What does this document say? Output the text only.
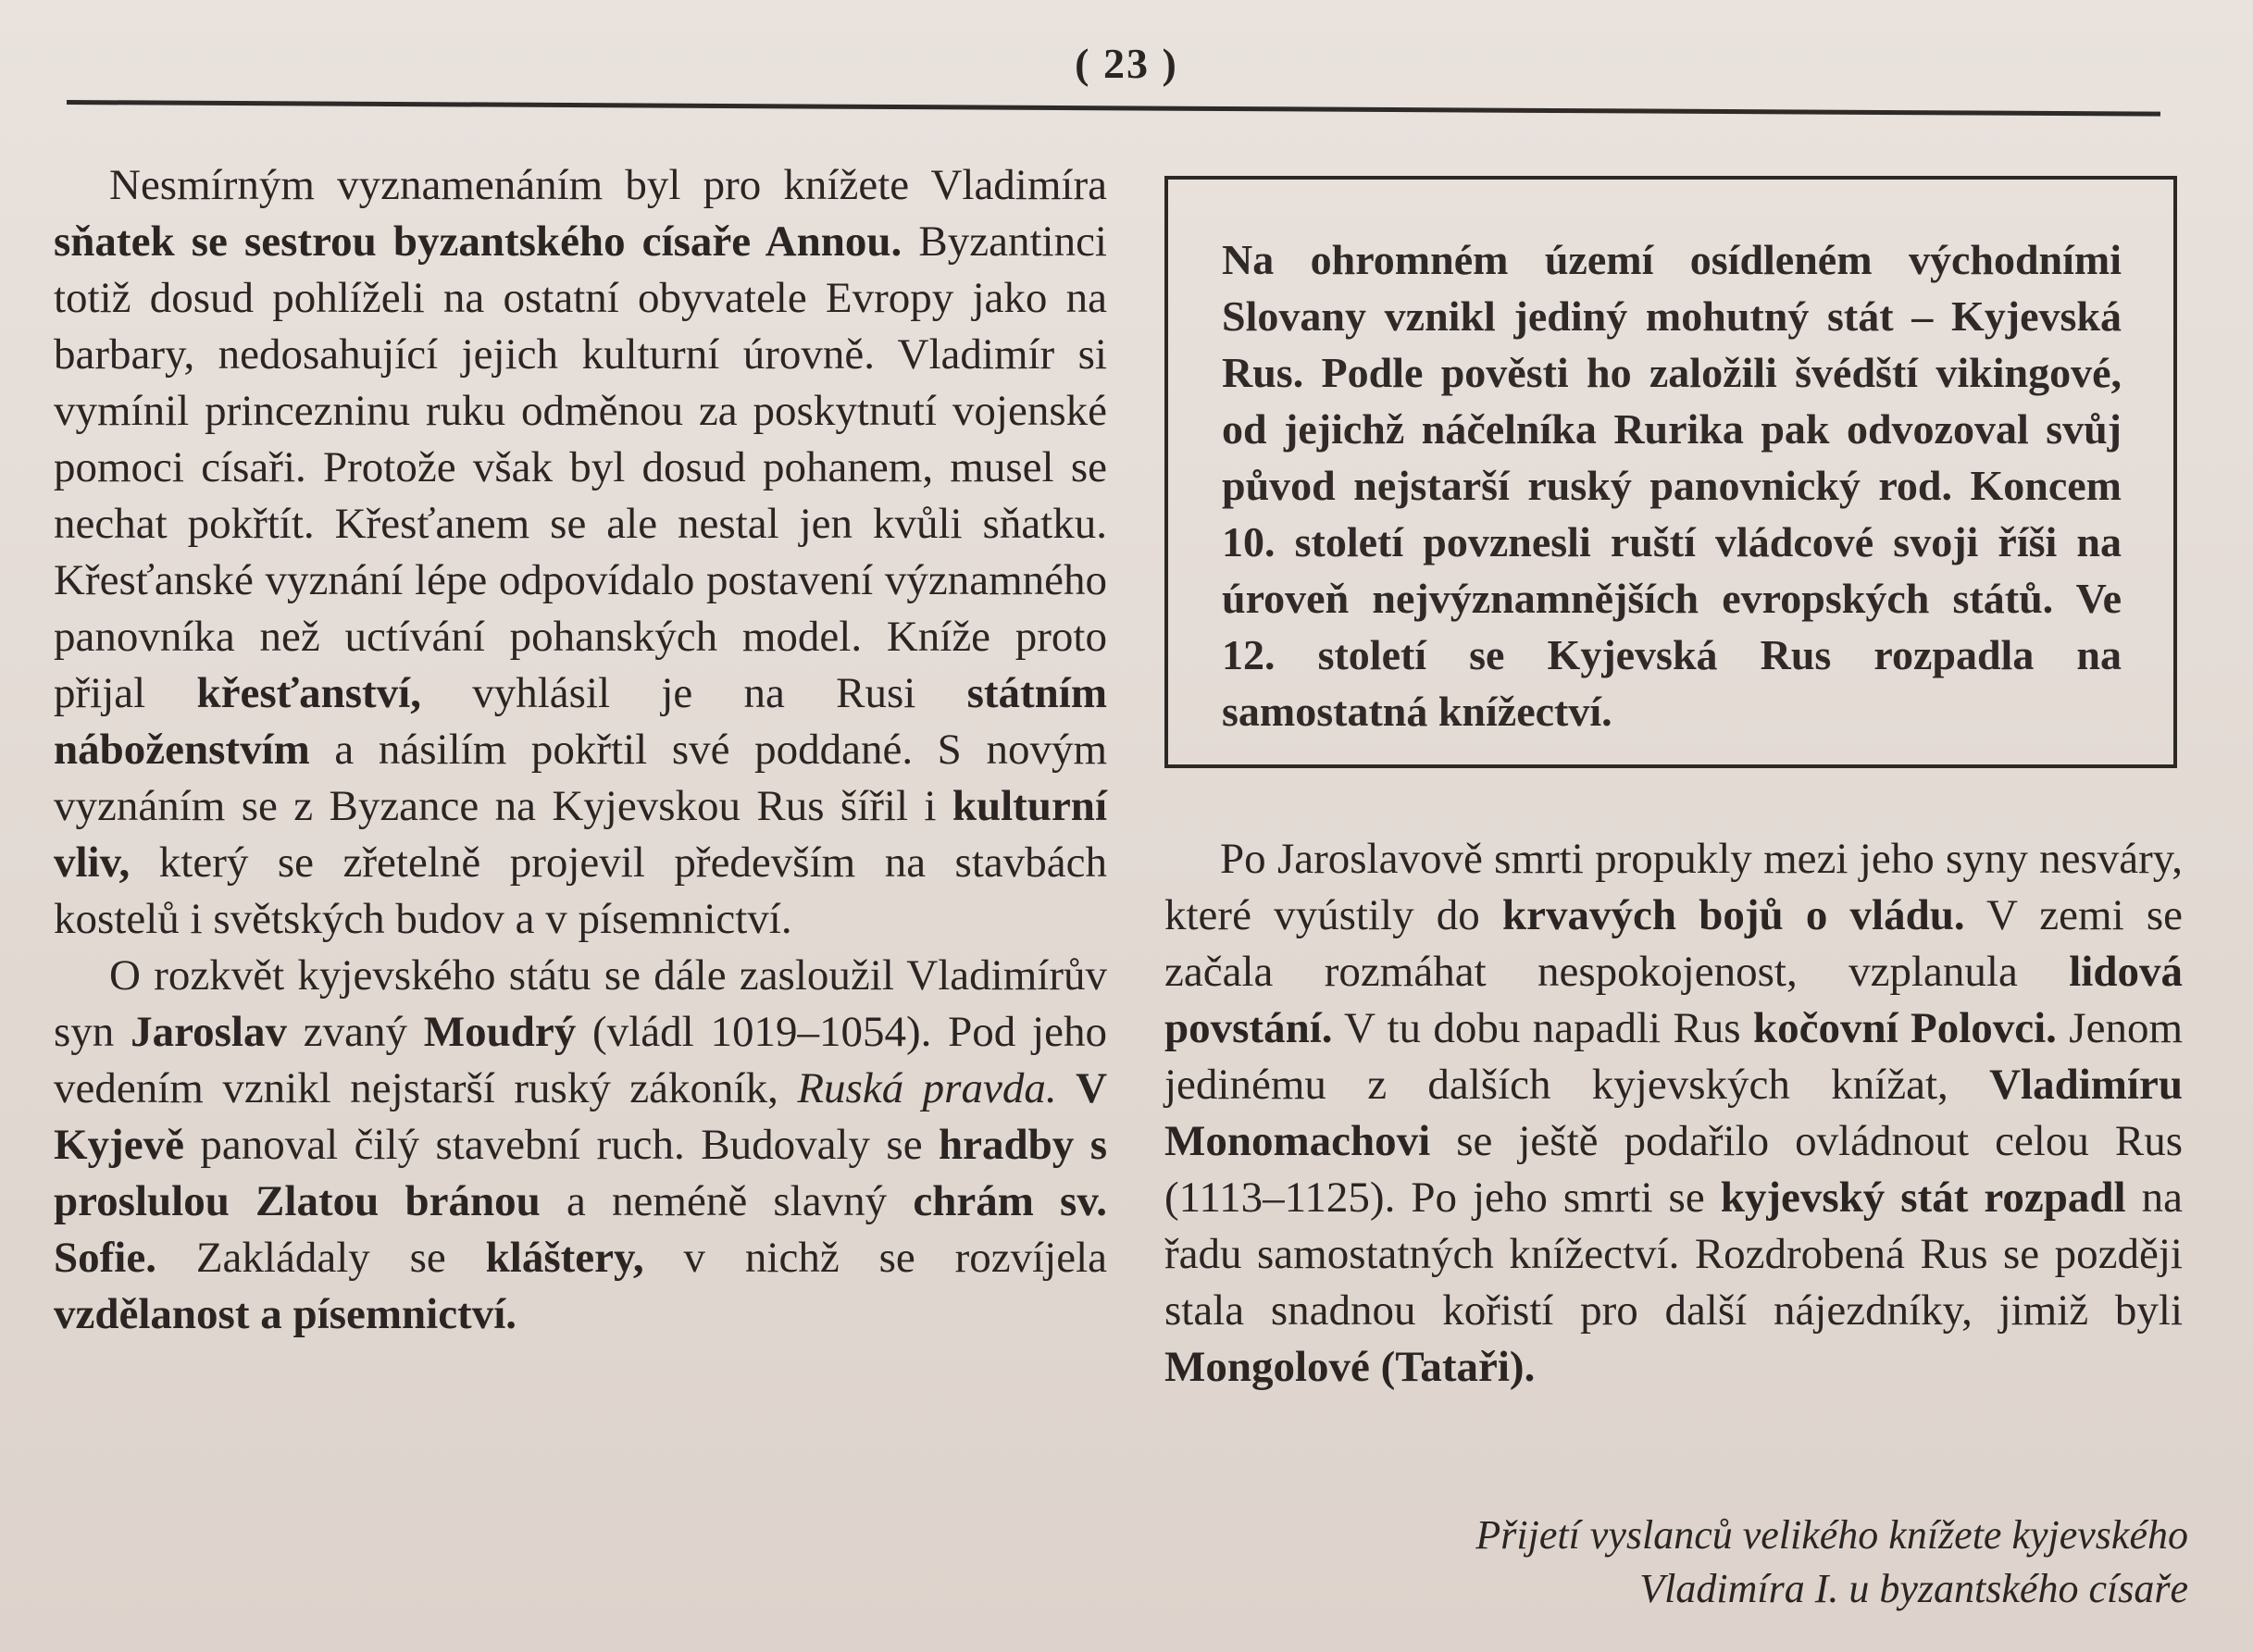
( 23 )

Nesmírným vyznamenáním byl pro knížete Vladimíra sňatek se sestrou byzantského císaře Annou. Byzantinci totiž dosud pohlíželi na ostatní obyvatele Evropy jako na barbary, nedosahující jejich kulturní úrovně. Vladimír si vymínil princezninu ruku odměnou za poskytnutí vojenské pomoci císaři. Protože však byl dosud pohanem, musel se nechat pokřtít. Křesťanem se ale nestal jen kvůli sňatku. Křesťanské vyznání lépe odpovídalo postavení významného panovníka než uctívání pohanských model. Kníže proto přijal křesťanství, vyhlásil je na Rusi státním náboženstvím a násilím pokřtil své poddané. S novým vyznáním se z Byzance na Kyjevskou Rus šířil i kulturní vliv, který se zřetelně projevil především na stavbách kostelů i světských budov a v písemnictví.

O rozkvět kyjevského státu se dále zasloužil Vladimírův syn Jaroslav zvaný Moudrý (vládl 1019–1054). Pod jeho vedením vznikl nejstarší ruský zákoník, Ruská pravda. V Kyjevě panoval čilý stavební ruch. Budovaly se hradby s proslulou Zlatou bránou a neméně slavný chrám sv. Sofie. Zakládaly se kláštery, v nichž se rozvíjela vzdělanost a písemnictví.

Na ohromném území osídleném východními Slovany vznikl jediný mohutný stát – Kyjevská Rus. Podle pověsti ho založili švédští vikingové, od jejichž náčelníka Rurika pak odvozoval svůj původ nejstarší ruský panovnický rod. Koncem 10. století povznesli ruští vládcové svoji říši na úroveň nejvýznamnějších evropských států. Ve 12. století se Kyjevská Rus rozpadla na samostatná knížectví.

Po Jaroslavově smrti propukly mezi jeho syny nesváry, které vyústily do krvavých bojů o vládu. V zemi se začala rozmáhat nespokojenost, vzplanula lidová povstání. V tu dobu napadli Rus kočovní Polovci. Jenom jedinému z dalších kyjevských knížat, Vladimíru Monomachovi se ještě podařilo ovládnout celou Rus (1113–1125). Po jeho smrti se kyjevský stát rozpadl na řadu samostatných knížectví. Rozdrobená Rus se později stala snadnou kořistí pro další nájezdníky, jimiž byli Mongolové (Tataři).

Přijetí vyslanců velikého knížete kyjevského
Vladimíra I. u byzantského císaře
